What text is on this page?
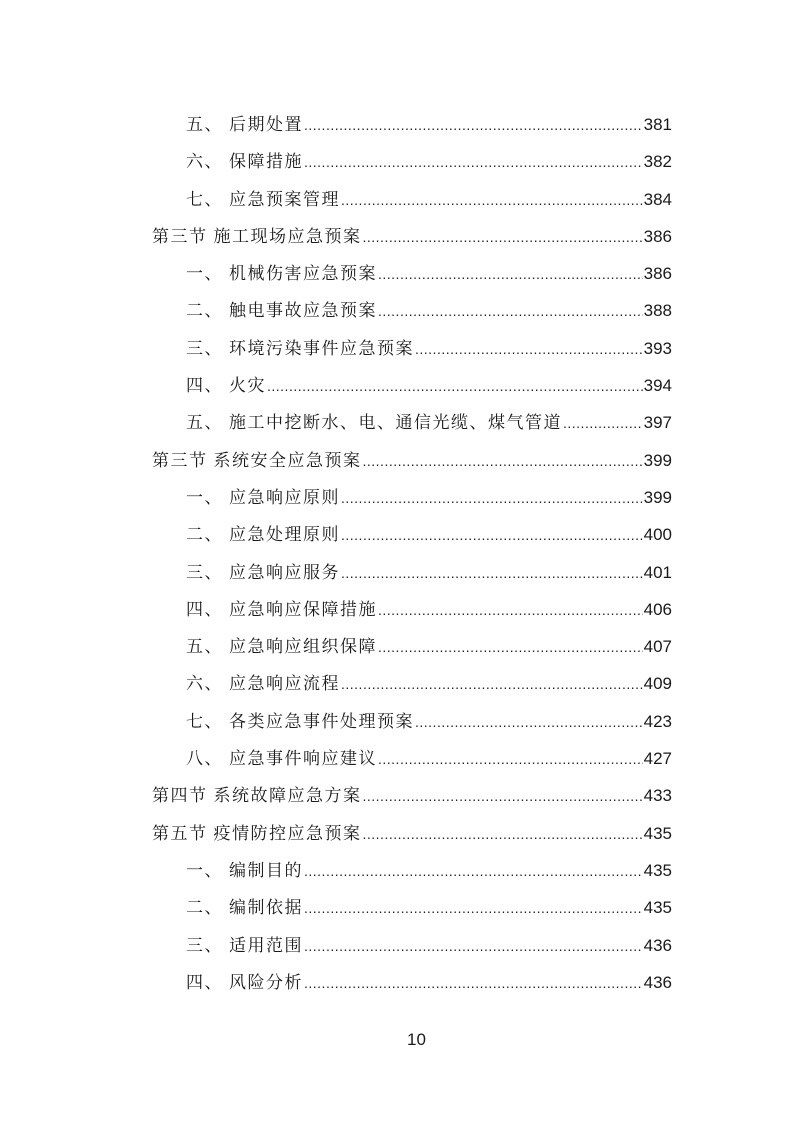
五、 后期处置 .....	381
六、 保障措施 .....	382
七、 应急预案管理 .....	384
第三节 施工现场应急预案 .....	386
一、 机械伤害应急预案 .....	386
二、 触电事故应急预案 .....	388
三、 环境污染事件应急预案 .....	393
四、 火灾 .....	394
五、 施工中挖断水、电、通信光缆、煤气管道 .....	397
第三节 系统安全应急预案 .....	399
一、 应急响应原则 .....	399
二、 应急处理原则 .....	400
三、 应急响应服务 .....	401
四、 应急响应保障措施 .....	406
五、 应急响应组织保障 .....	407
六、 应急响应流程 .....	409
七、 各类应急事件处理预案 .....	423
八、 应急事件响应建议 .....	427
第四节 系统故障应急方案 .....	433
第五节 疫情防控应急预案 .....	435
一、 编制目的 .....	435
二、 编制依据 .....	435
三、 适用范围 .....	436
四、 风险分析 .....	436
10
